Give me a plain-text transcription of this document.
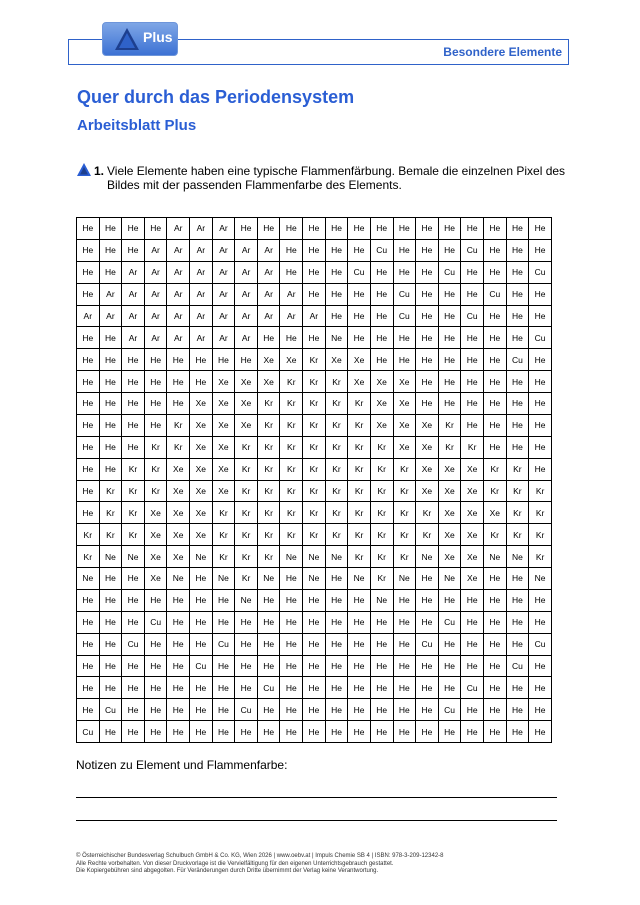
Besondere Elemente
Plus
Quer durch das Periodensystem
Arbeitsblatt Plus
1. Viele Elemente haben eine typische Flammenfärbung. Bemale die einzelnen Pixel des Bildes mit der passenden Flammenfarbe des Elements.
He	He	He	He	Ar	Ar	Ar	He	He	He	He	He	He	He	He	He	He	He	He	He	He
He	He	He	Ar	Ar	Ar	Ar	Ar	Ar	He	He	He	He	Cu	He	He	He	Cu	He	He	He
He	He	Ar	Ar	Ar	Ar	Ar	Ar	Ar	He	He	He	Cu	He	He	He	Cu	He	He	He	Cu
He	Ar	Ar	Ar	Ar	Ar	Ar	Ar	Ar	Ar	He	He	He	He	Cu	He	He	He	Cu	He	He
Ar	Ar	Ar	Ar	Ar	Ar	Ar	Ar	Ar	Ar	Ar	He	He	He	Cu	He	He	Cu	He	He	He
He	He	Ar	Ar	Ar	Ar	Ar	Ar	He	He	He	Ne	He	He	He	He	He	He	He	He	Cu
He	He	He	He	He	He	He	He	Xe	Xe	Kr	Xe	Xe	He	He	He	He	He	He	Cu	He
He	He	He	He	He	He	Xe	Xe	Xe	Kr	Kr	Kr	Xe	Xe	Xe	He	He	He	He	He	He
He	He	He	He	He	Xe	Xe	Xe	Kr	Kr	Kr	Kr	Kr	Xe	Xe	He	He	He	He	He	He
He	He	He	He	Kr	Xe	Xe	Xe	Kr	Kr	Kr	Kr	Kr	Xe	Xe	Xe	Kr	He	He	He	He
He	He	He	Kr	Kr	Xe	Xe	Kr	Kr	Kr	Kr	Kr	Kr	Kr	Xe	Xe	Kr	Kr	He	He	He
He	He	Kr	Kr	Xe	Xe	Xe	Kr	Kr	Kr	Kr	Kr	Kr	Kr	Kr	Xe	Xe	Xe	Kr	Kr	He
He	Kr	Kr	Kr	Xe	Xe	Xe	Kr	Kr	Kr	Kr	Kr	Kr	Kr	Kr	Xe	Xe	Xe	Kr	Kr	Kr
He	Kr	Kr	Xe	Xe	Xe	Kr	Kr	Kr	Kr	Kr	Kr	Kr	Kr	Kr	Kr	Xe	Xe	Xe	Kr	Kr
Kr	Kr	Kr	Xe	Xe	Xe	Kr	Kr	Kr	Kr	Kr	Kr	Kr	Kr	Kr	Kr	Xe	Xe	Kr	Kr	Kr
Kr	Ne	Ne	Xe	Xe	Ne	Kr	Kr	Kr	Ne	Ne	Ne	Kr	Kr	Kr	Ne	Xe	Xe	Ne	Ne	Kr
Ne	He	He	Xe	Ne	He	Ne	Kr	Ne	He	Ne	He	Ne	Kr	Ne	He	Ne	Xe	He	He	Ne
He	He	He	He	He	He	He	Ne	He	He	He	He	He	Ne	He	He	He	He	He	He	He
He	He	He	Cu	He	He	He	He	He	He	He	He	He	He	He	He	Cu	He	He	He	He
He	He	Cu	He	He	He	Cu	He	He	He	He	He	He	He	He	Cu	He	He	He	He	Cu
He	He	He	He	He	Cu	He	He	He	He	He	He	He	He	He	He	He	He	He	Cu	He
He	He	He	He	He	He	He	He	Cu	He	He	He	He	He	He	He	He	Cu	He	He	He
He	Cu	He	He	He	He	He	Cu	He	He	He	He	He	He	He	He	Cu	He	He	He	He
Cu	He	He	He	He	He	He	He	He	He	He	He	He	He	He	He	He	He	He	He	He
Notizen zu Element und Flammenfarbe:
© Österreichischer Bundesverlag Schulbuch GmbH & Co. KG, Wien 2026 | www.oebv.at | Impuls Chemie SB 4 | ISBN: 978-3-209-12342-8
Alle Rechte vorbehalten. Von dieser Druckvorlage ist die Vervielfältigung für den eigenen Unterrichtsgebrauch gestattet.
Die Kopiergebühren sind abgegolten. Für Veränderungen durch Dritte übernimmt der Verlag keine Verantwortung.
